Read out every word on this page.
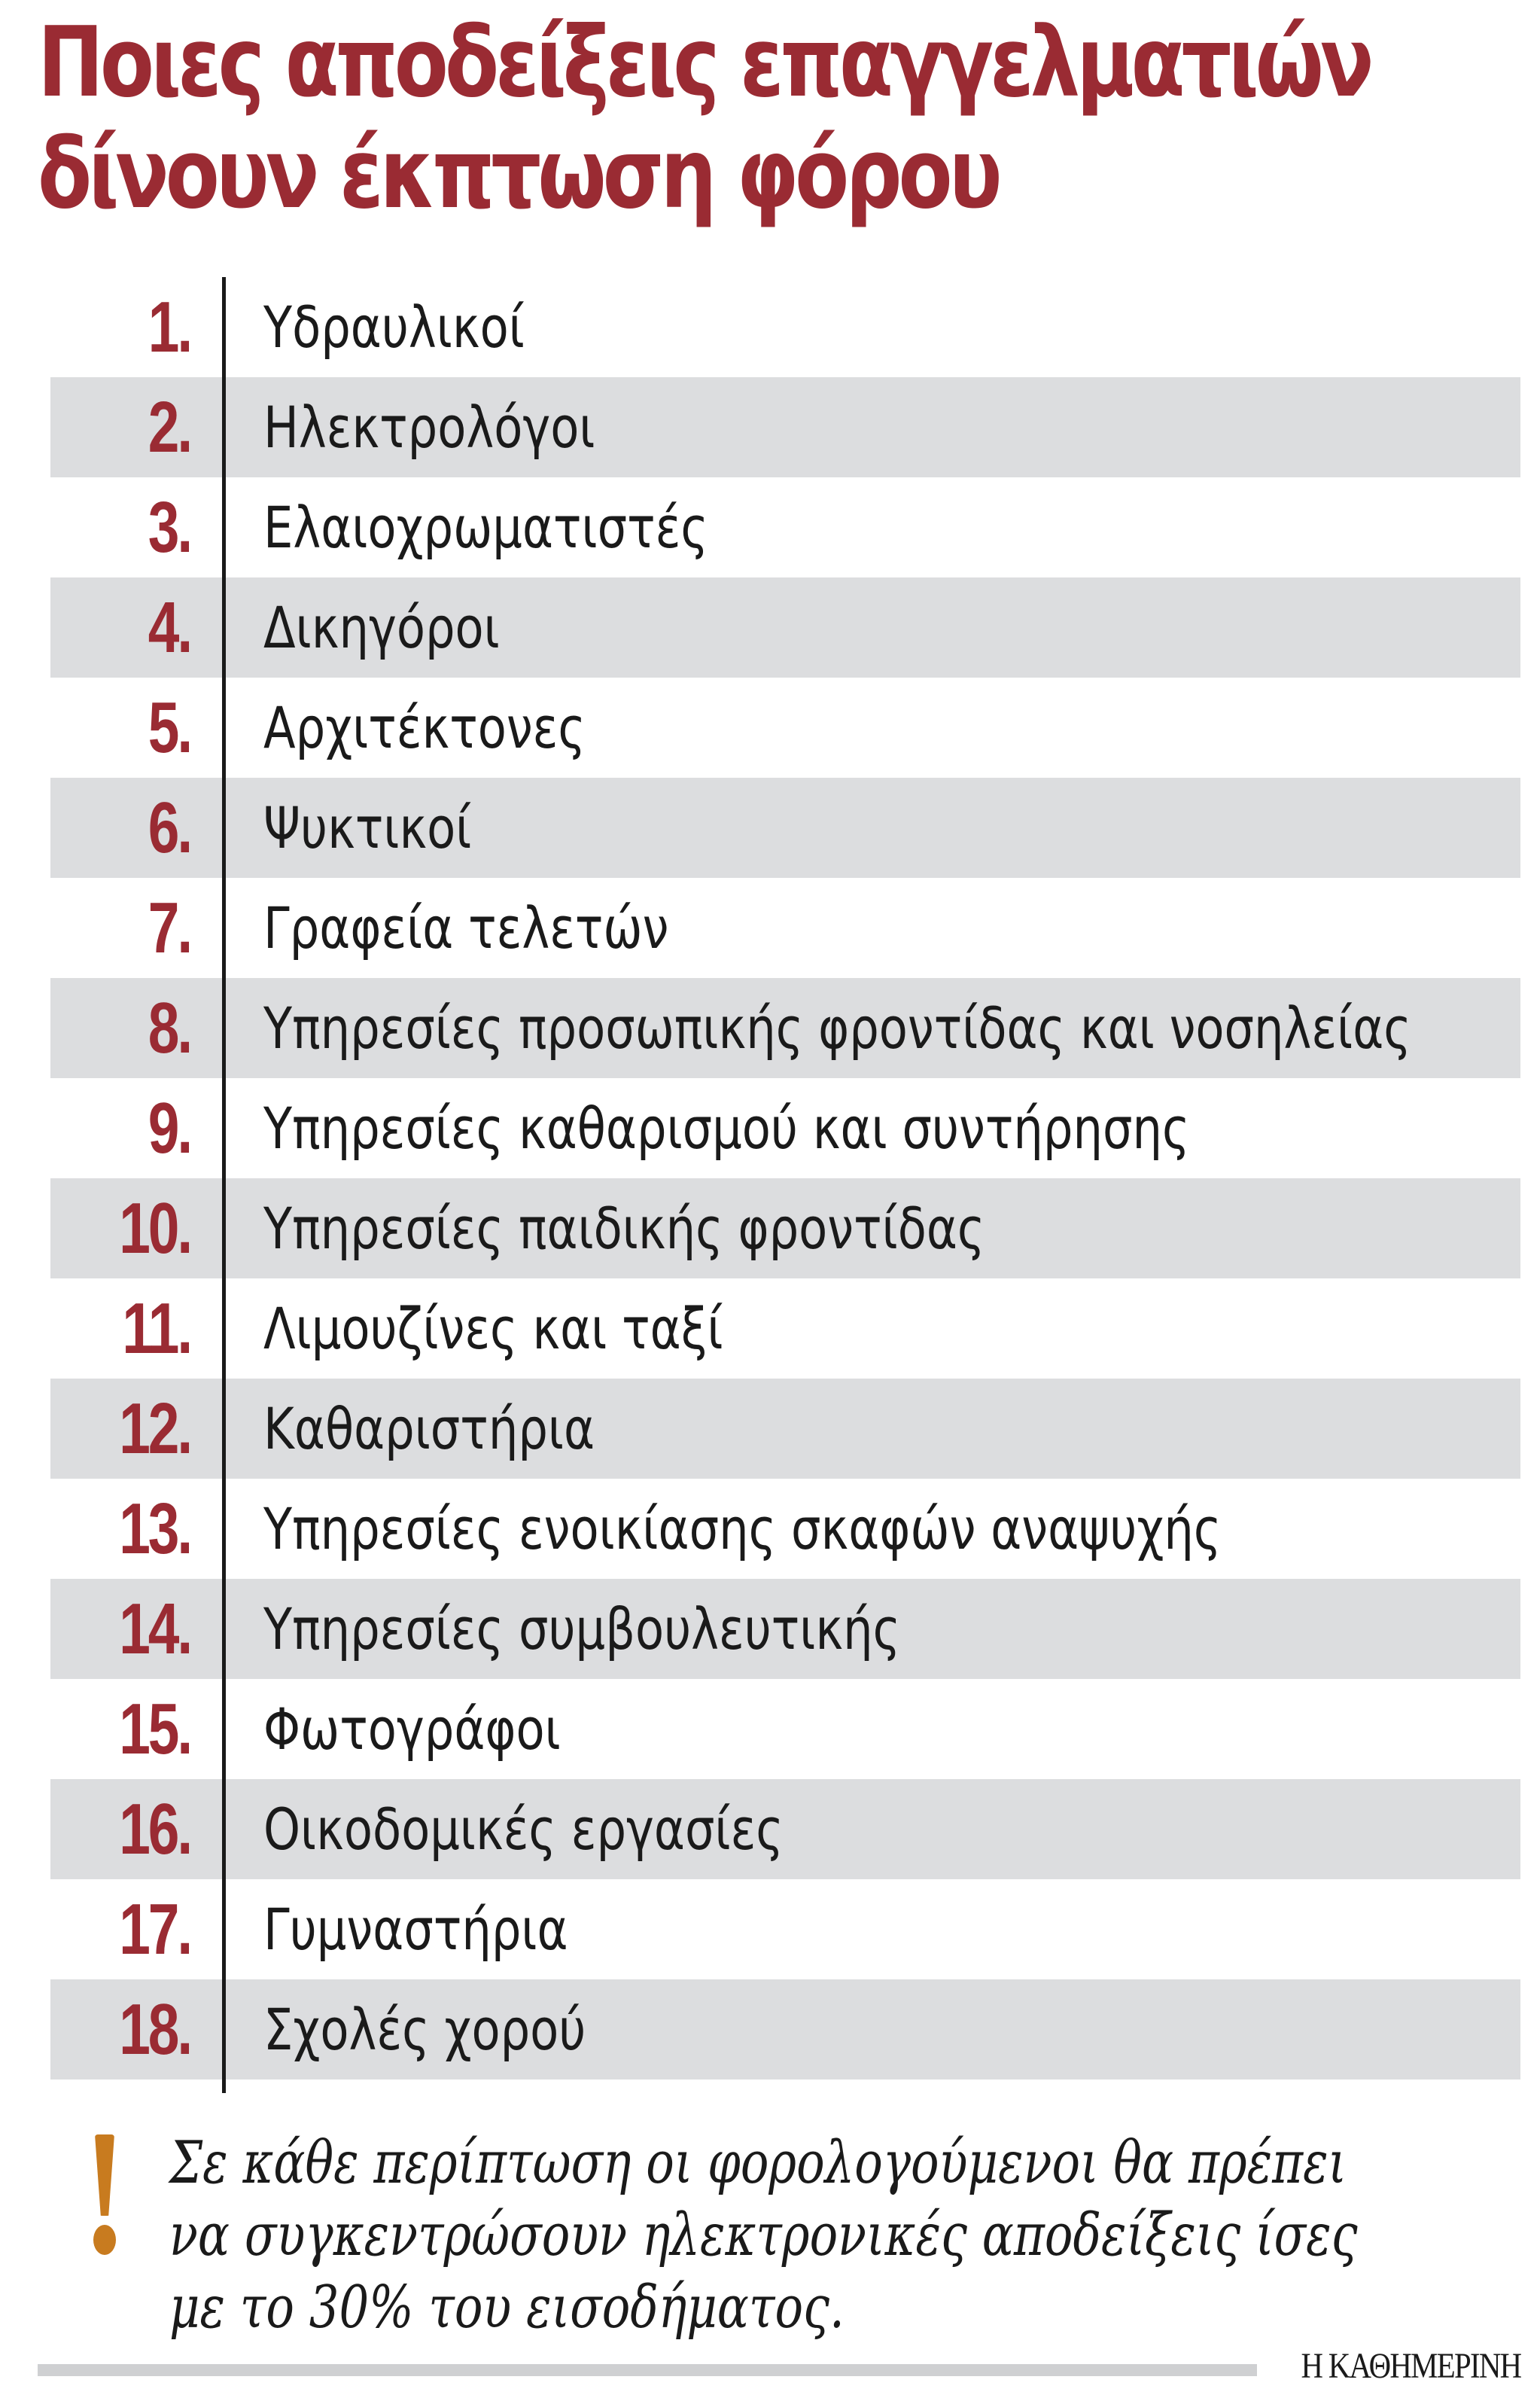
Ποιες αποδείξεις επαγγελματιών
δίνουν έκπτωση φόρου
1. Υδραυλικοί
2. Ηλεκτρολόγοι
3. Ελαιοχρωματιστές
4. Δικηγόροι
5. Αρχιτέκτονες
6. Ψυκτικοί
7. Γραφεία τελετών
8. Υπηρεσίες προσωπικής φροντίδας και νοσηλείας
9. Υπηρεσίες καθαρισμού και συντήρησης
10. Υπηρεσίες παιδικής φροντίδας
11. Λιμουζίνες και ταξί
12. Καθαριστήρια
13. Υπηρεσίες ενοικίασης σκαφών αναψυχής
14. Υπηρεσίες συμβουλευτικής
15. Φωτογράφοι
16. Οικοδομικές εργασίες
17. Γυμναστήρια
18. Σχολές χορού
Σε κάθε περίπτωση οι φορολογούμενοι θα πρέπει
να συγκεντρώσουν ηλεκτρονικές αποδείξεις ίσες
με το 30% του εισοδήματος.
Η ΚΑΘΗΜΕΡΙΝΗ
